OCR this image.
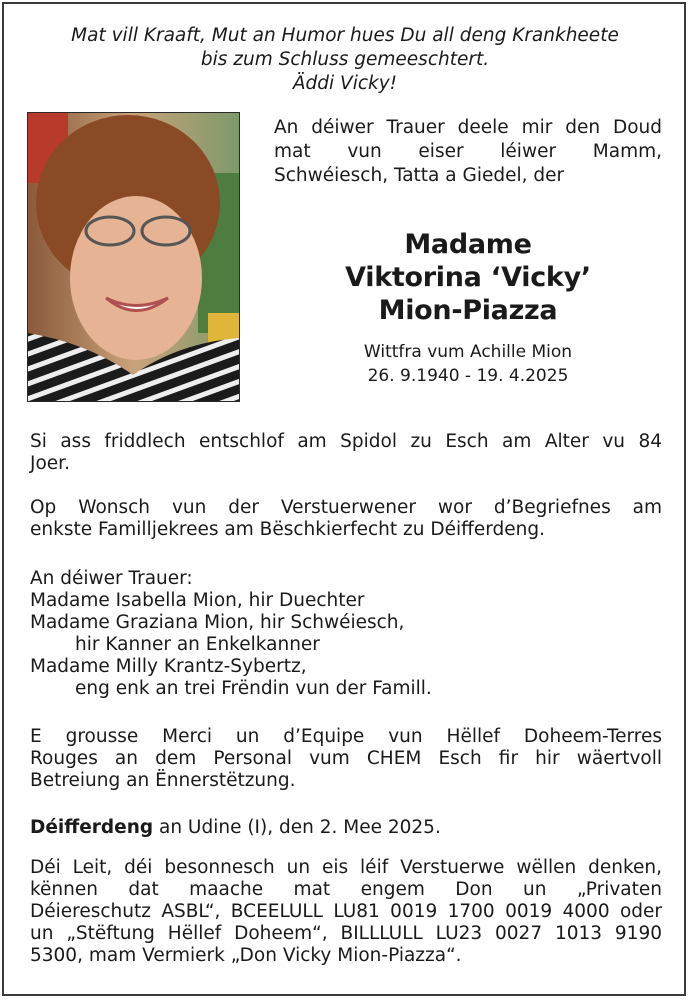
Mat vill Kraaft, Mut an Humor hues Du all deng Krankheete
bis zum Schluss gemeeschtert.
Äddi Vicky!
An déiwer Trauer deele mir den Doud
mat vun eiser léiwer Mamm,
Schwéiesch, Tatta a Giedel, der
Madame
Viktorina ‘Vicky’
Mion-Piazza
Wittfra vum Achille Mion
26. 9.1940 - 19. 4.2025
Si ass friddlech entschlof am Spidol zu Esch am Alter vu 84
Joer.
Op Wonsch vun der Verstuerwener wor d’Begriefnes am
enkste Familljekrees am Bëschkierfecht zu Déifferdeng.
An déiwer Trauer:
Madame Isabella Mion, hir Duechter
Madame Graziana Mion, hir Schwéiesch,
hir Kanner an Enkelkanner
Madame Milly Krantz-Sybertz,
eng enk an trei Frëndin vun der Famill.
E grousse Merci un d’Equipe vun Hëllef Doheem-Terres
Rouges an dem Personal vum CHEM Esch fir hir wäertvoll
Betreiung an Ënnerstëtzung.
Déifferdeng an Udine (I), den 2. Mee 2025.
Déi Leit, déi besonnesch un eis léif Verstuerwe wëllen denken,
kënnen dat maache mat engem Don un „Privaten
Déiereschutz ASBL“, BCEELULL LU81 0019 1700 0019 4000 oder
un „Stëftung Hëllef Doheem“, BILLLULL LU23 0027 1013 9190
5300, mam Vermierk „Don Vicky Mion-Piazza“.
